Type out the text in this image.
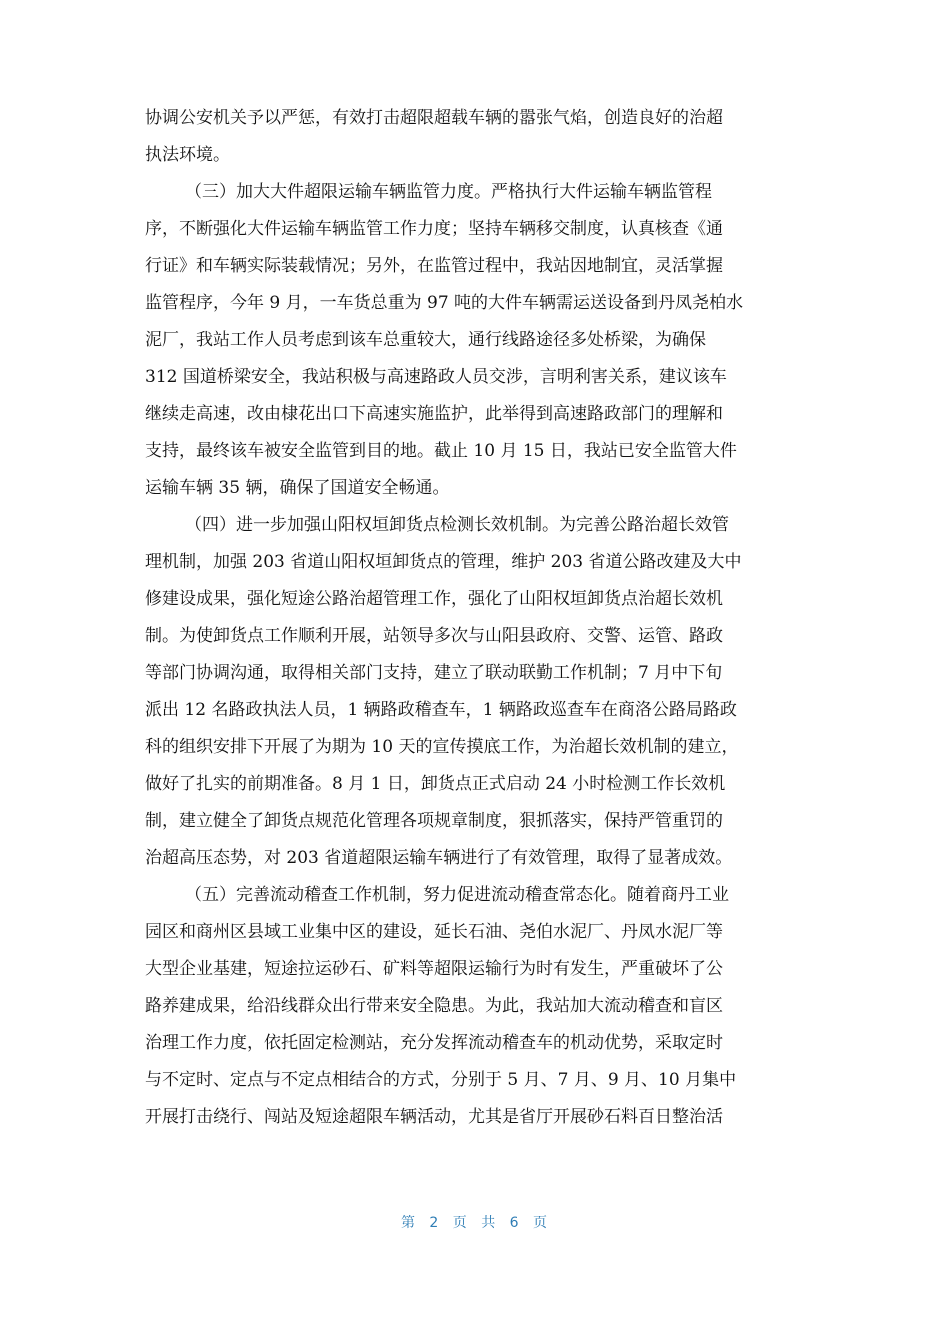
协调公安机关予以严惩，有效打击超限超载车辆的嚣张气焰，创造良好的治超
执法环境。
（三）加大大件超限运输车辆监管力度。严格执行大件运输车辆监管程
序，不断强化大件运输车辆监管工作力度；坚持车辆移交制度，认真核查《通
行证》和车辆实际装载情况；另外，在监管过程中，我站因地制宜，灵活掌握
监管程序，今年 9 月，一车货总重为 97 吨的大件车辆需运送设备到丹凤尧柏水
泥厂，我站工作人员考虑到该车总重较大，通行线路途径多处桥梁，为确保
312 国道桥梁安全，我站积极与高速路政人员交涉，言明利害关系，建议该车
继续走高速，改由棣花出口下高速实施监护，此举得到高速路政部门的理解和
支持，最终该车被安全监管到目的地。截止 10 月 15 日，我站已安全监管大件
运输车辆 35 辆，确保了国道安全畅通。
（四）进一步加强山阳权垣卸货点检测长效机制。为完善公路治超长效管
理机制，加强 203 省道山阳权垣卸货点的管理，维护 203 省道公路改建及大中
修建设成果，强化短途公路治超管理工作，强化了山阳权垣卸货点治超长效机
制。为使卸货点工作顺利开展，站领导多次与山阳县政府、交警、运管、路政
等部门协调沟通，取得相关部门支持，建立了联动联勤工作机制；7 月中下旬
派出 12 名路政执法人员，1 辆路政稽查车，1 辆路政巡查车在商洛公路局路政
科的组织安排下开展了为期为 10 天的宣传摸底工作，为治超长效机制的建立，
做好了扎实的前期准备。8 月 1 日，卸货点正式启动 24 小时检测工作长效机
制，建立健全了卸货点规范化管理各项规章制度，狠抓落实，保持严管重罚的
治超高压态势，对 203 省道超限运输车辆进行了有效管理，取得了显著成效。
（五）完善流动稽查工作机制，努力促进流动稽查常态化。随着商丹工业
园区和商州区县域工业集中区的建设，延长石油、尧伯水泥厂、丹凤水泥厂等
大型企业基建，短途拉运砂石、矿料等超限运输行为时有发生，严重破坏了公
路养建成果，给沿线群众出行带来安全隐患。为此，我站加大流动稽查和盲区
治理工作力度，依托固定检测站，充分发挥流动稽查车的机动优势，采取定时
与不定时、定点与不定点相结合的方式，分别于 5 月、7 月、9 月、10 月集中
开展打击绕行、闯站及短途超限车辆活动，尤其是省厅开展砂石料百日整治活
第 2 页 共 6 页
